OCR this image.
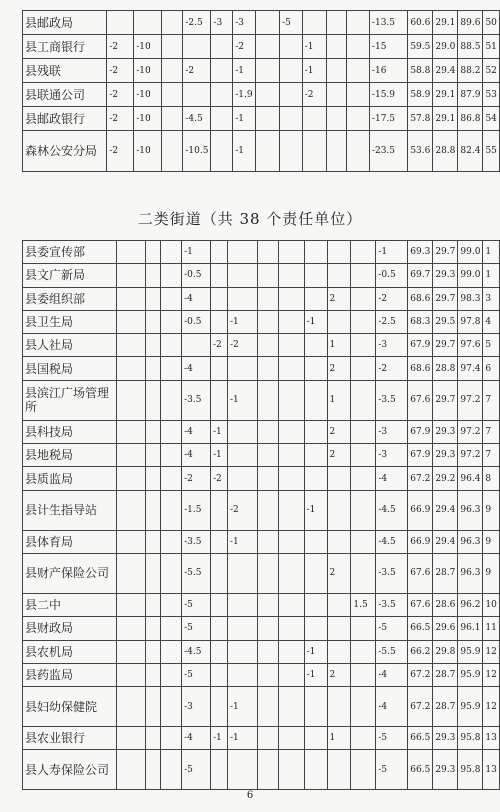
县邮政局				-2.5	-3	-3		-5				-13.5	60.6	29.1	89.6	50
县工商银行	-2	-10				-2			-1			-15	59.5	29.0	88.5	51
县残联	-2	-10		-2		-1			-1			-16	58.8	29.4	88.2	52
县联通公司	-2	-10				-1.9			-2			-15.9	58.9	29.1	87.9	53
县邮政银行	-2	-10		-4.5		-1						-17.5	57.8	29.1	86.8	54
森林公安分局	-2	-10		-10.5		-1						-23.5	53.6	28.8	82.4	55
二类街道（共 38 个责任单位）
县委宣传部				-1								-1	69.3	29.7	99.0	1
县文广新局				-0.5								-0.5	69.7	29.3	99.0	1
县委组织部				-4						2		-2	68.6	29.7	98.3	3
县卫生局				-0.5		-1			-1			-2.5	68.3	29.5	97.8	4
县人社局					-2	-2				1		-3	67.9	29.7	97.6	5
县国税局				-4						2		-2	68.6	28.8	97.4	6
县滨江广场管理所				-3.5		-1				1		-3.5	67.6	29.7	97.2	7
县科技局				-4	-1					2		-3	67.9	29.3	97.2	7
县地税局				-4	-1					2		-3	67.9	29.3	97.2	7
县质监局				-2	-2							-4	67.2	29.2	96.4	8
县计生指导站				-1.5		-2			-1			-4.5	66.9	29.4	96.3	9
县体育局				-3.5		-1						-4.5	66.9	29.4	96.3	9
县财产保险公司				-5.5						2		-3.5	67.6	28.7	96.3	9
县二中				-5							1.5	-3.5	67.6	28.6	96.2	10
县财政局				-5								-5	66.5	29.6	96.1	11
县农机局				-4.5					-1			-5.5	66.2	29.8	95.9	12
县药监局				-5					-1	2		-4	67.2	28.7	95.9	12
县妇幼保健院				-3		-1						-4	67.2	28.7	95.9	12
县农业银行				-4	-1	-1				1		-5	66.5	29.3	95.8	13
县人寿保险公司				-5								-5	66.5	29.3	95.8	13
6
